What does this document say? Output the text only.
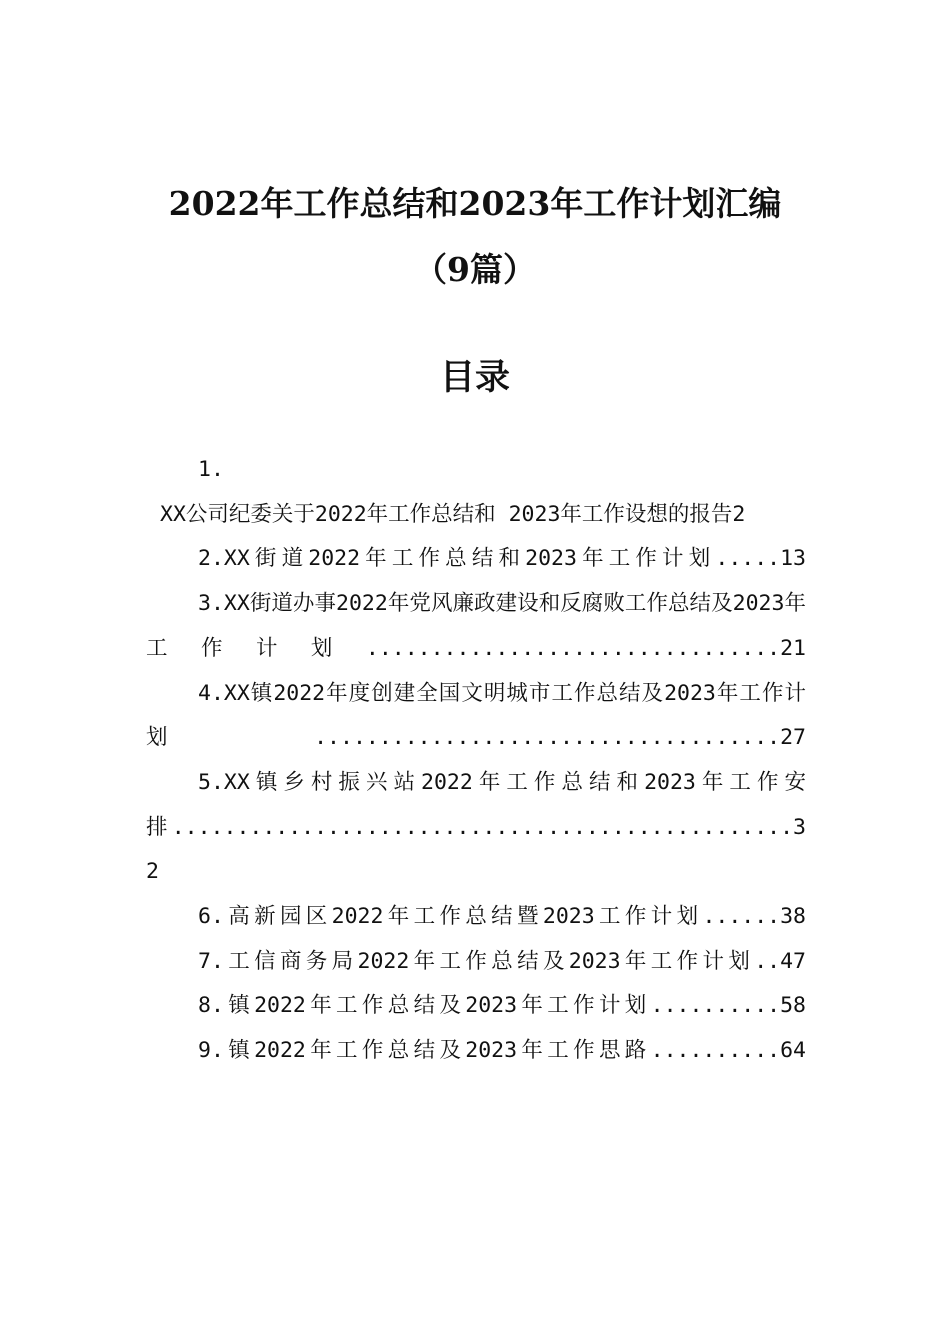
2022年工作总结和2023年工作计划汇编
（9篇）
目录
1.
XX公司纪委关于2022年工作总结和 2023年工作设想的报告2
2.XX街道2022年工作总结和2023年工作计划.....13
3.XX街道办事2022年党风廉政建设和反腐败工作总结及2023年工作计划................................21
4.XX镇2022年度创建全国文明城市工作总结及2023年工作计划....................................27
5.XX镇乡村振兴站2022年工作总结和2023年工作安排................................................32
6.高新园区2022年工作总结暨2023工作计划......38
7.工信商务局2022年工作总结及2023年工作计划..47
8.镇2022年工作总结及2023年工作计划..........58
9.镇2022年工作总结及2023年工作思路..........64
